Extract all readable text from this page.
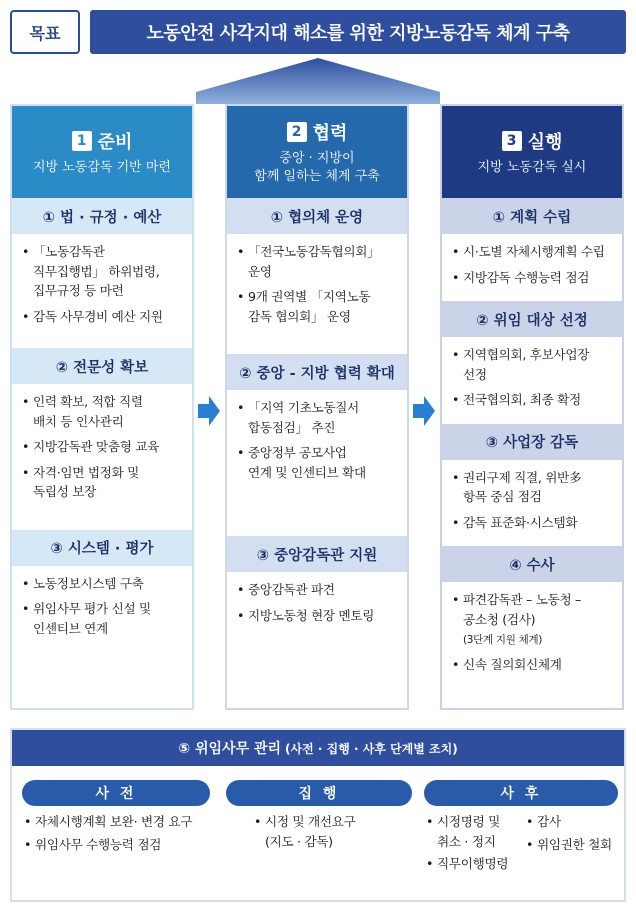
목표	노동안전 사각지대 해소를 위한 지방노동감독 체계 구축
1 준비
지방 노동감독 기반 마련
① 법 · 규정 · 예산
• 「노동감독관
직무집행법」 하위법령,
집무규정 등 마련
• 감독 사무경비 예산 지원
② 전문성 확보
• 인력 확보, 적합 직렬
배치 등 인사관리
• 지방감독관 맞춤형 교육
• 자격·임면 법정화 및
독립성 보장
③ 시스템 · 평가
• 노동정보시스템 구축
• 위임사무 평가 신설 및
인센티브 연계
2 협력
중앙 · 지방이
함께 일하는 체계 구축
① 협의체 운영
• 「전국노동감독협의회」
운영
• 9개 권역별 「지역노동
감독 협의회」 운영
② 중앙 - 지방 협력 확대
• 「지역 기초노동질서
합동점검」 추진
• 중앙정부 공모사업
연계 및 인센티브 확대
③ 중앙감독관 지원
• 중앙감독관 파견
• 지방노동청 현장 멘토링
3 실행
지방 노동감독 실시
① 계획 수립
• 시·도별 자체시행계획 수립
• 지방감독 수행능력 점검
② 위임 대상 선정
• 지역협의회, 후보사업장
선정
• 전국협의회, 최종 확정
③ 사업장 감독
• 권리구제 직결, 위반多
항목 중심 점검
• 감독 표준화·시스템화
④ 수사
• 파견감독관 – 노동청 –
공소청 (검사)
(3단계 지원 체계)
• 신속 질의회신체계
⑤ 위임사무 관리 (사전 · 집행 · 사후 단계별 조치)
사 전
• 자체시행계획 보완· 변경 요구
• 위임사무 수행능력 점검
집 행
• 시정 및 개선요구
(지도 · 감독)
사 후
• 시정명령 및
취소 · 정지
• 직무이행명령
• 감사
• 위임권한 철회
